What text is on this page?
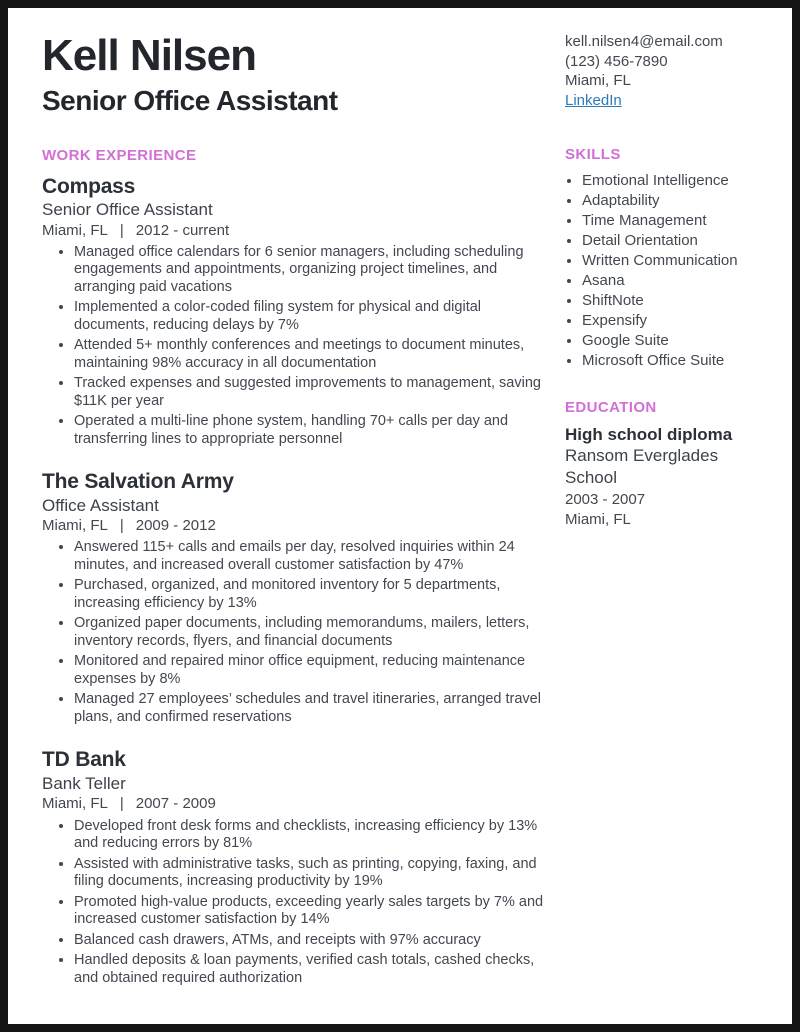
Kell Nilsen
Senior Office Assistant
WORK EXPERIENCE
Compass
Senior Office Assistant
Miami, FL | 2012 - current
• Managed office calendars for 6 senior managers, including scheduling engagements and appointments, organizing project timelines, and arranging paid vacations
• Implemented a color-coded filing system for physical and digital documents, reducing delays by 7%
• Attended 5+ monthly conferences and meetings to document minutes, maintaining 98% accuracy in all documentation
• Tracked expenses and suggested improvements to management, saving $11K per year
• Operated a multi-line phone system, handling 70+ calls per day and transferring lines to appropriate personnel
The Salvation Army
Office Assistant
Miami, FL | 2009 - 2012
• Answered 115+ calls and emails per day, resolved inquiries within 24 minutes, and increased overall customer satisfaction by 47%
• Purchased, organized, and monitored inventory for 5 departments, increasing efficiency by 13%
• Organized paper documents, including memorandums, mailers, letters, inventory records, flyers, and financial documents
• Monitored and repaired minor office equipment, reducing maintenance expenses by 8%
• Managed 27 employees’ schedules and travel itineraries, arranged travel plans, and confirmed reservations
TD Bank
Bank Teller
Miami, FL | 2007 - 2009
• Developed front desk forms and checklists, increasing efficiency by 13% and reducing errors by 81%
• Assisted with administrative tasks, such as printing, copying, faxing, and filing documents, increasing productivity by 19%
• Promoted high-value products, exceeding yearly sales targets by 7% and increased customer satisfaction by 14%
• Balanced cash drawers, ATMs, and receipts with 97% accuracy
• Handled deposits & loan payments, verified cash totals, cashed checks, and obtained required authorization
kell.nilsen4@email.com
(123) 456-7890
Miami, FL
LinkedIn
SKILLS
• Emotional Intelligence
• Adaptability
• Time Management
• Detail Orientation
• Written Communication
• Asana
• ShiftNote
• Expensify
• Google Suite
• Microsoft Office Suite
EDUCATION
High school diploma
Ransom Everglades School
2003 - 2007
Miami, FL
